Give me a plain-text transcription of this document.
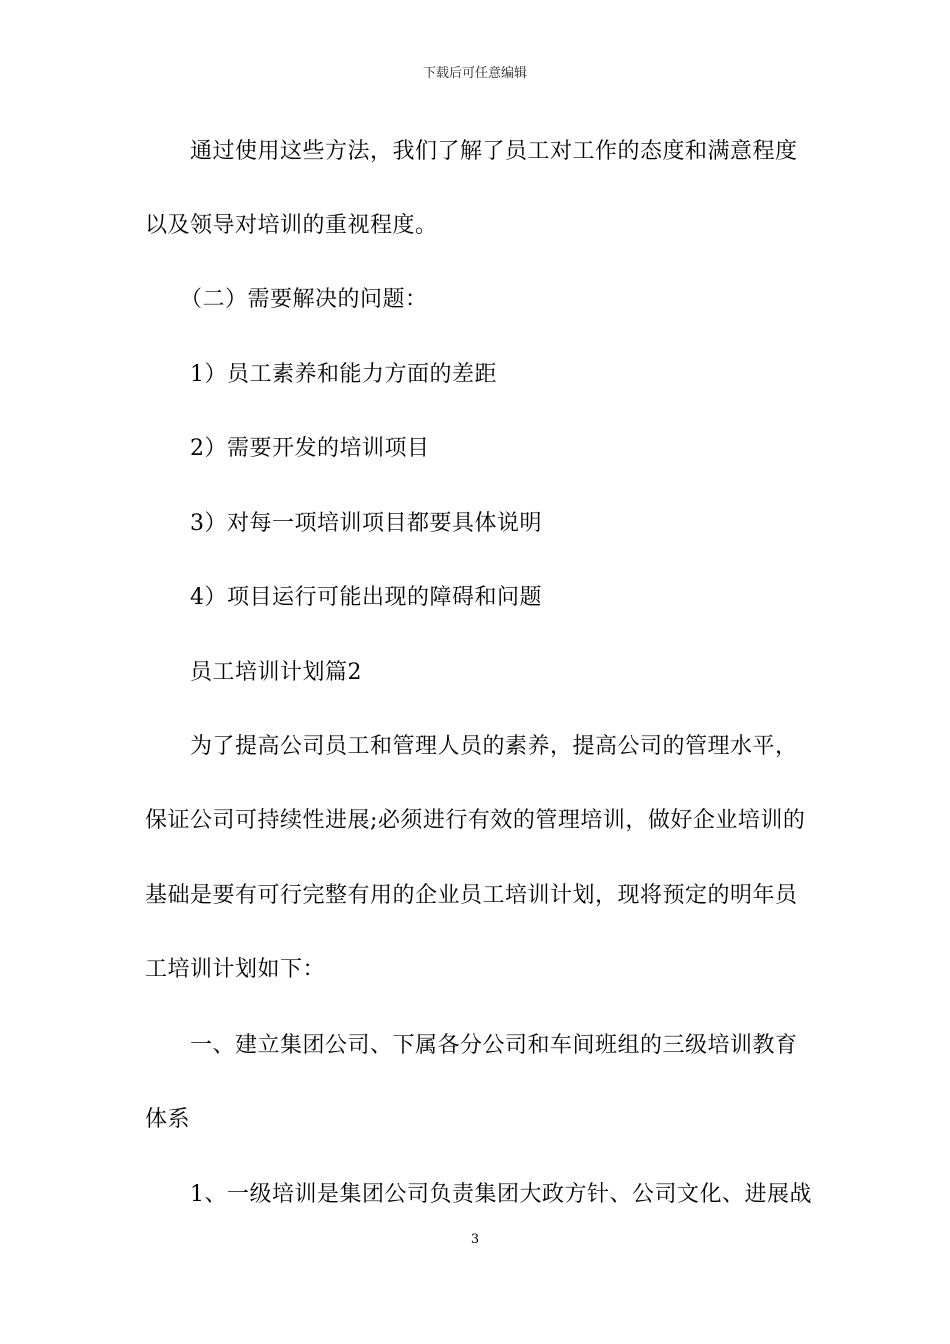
下载后可任意编辑
通过使用这些方法，我们了解了员工对工作的态度和满意程度
以及领导对培训的重视程度。
（二）需要解决的问题：
1）员工素养和能力方面的差距
2）需要开发的培训项目
3）对每一项培训项目都要具体说明
4）项目运行可能出现的障碍和问题
员工培训计划篇2
为了提高公司员工和管理人员的素养，提高公司的管理水平，
保证公司可持续性进展;必须进行有效的管理培训，做好企业培训的
基础是要有可行完整有用的企业员工培训计划，现将预定的明年员
工培训计划如下：
一、建立集团公司、下属各分公司和车间班组的三级培训教育
体系
1、一级培训是集团公司负责集团大政方针、公司文化、进展战
3
